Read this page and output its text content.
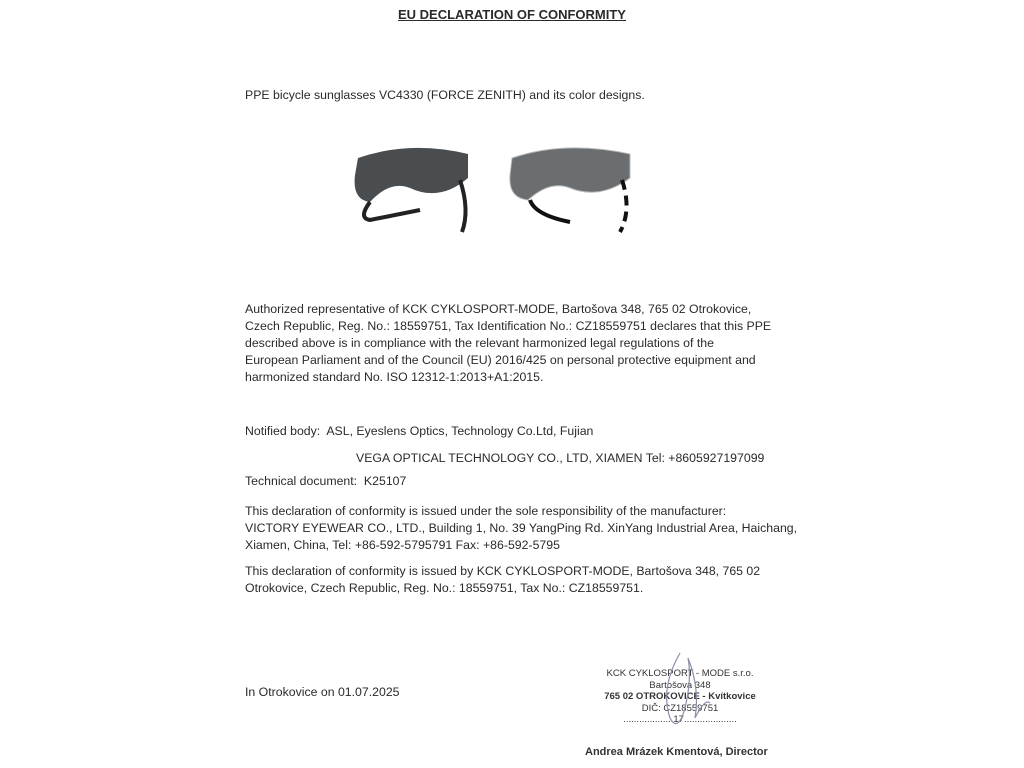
EU DECLARATION OF CONFORMITY
PPE bicycle sunglasses VC4330 (FORCE ZENITH) and its color designs.
Authorized representative of KCK CYKLOSPORT-MODE, Bartošova 348, 765 02 Otrokovice,
Czech Republic, Reg. No.: 18559751, Tax Identification No.: CZ18559751 declares that this PPE
described above is in compliance with the relevant harmonized legal regulations of the
European Parliament and of the Council (EU) 2016/425 on personal protective equipment and
harmonized standard No. ISO 12312-1:2013+A1:2015.
Notified body:  ASL, Eyeslens Optics, Technology Co.Ltd, Fujian
VEGA OPTICAL TECHNOLOGY CO., LTD, XIAMEN Tel: +8605927197099
Technical document:  K25107
This declaration of conformity is issued under the sole responsibility of the manufacturer:
VICTORY EYEWEAR CO., LTD., Building 1, No. 39 YangPing Rd. XinYang Industrial Area, Haichang,
Xiamen, China, Tel: +86-592-5795791 Fax: +86-592-5795
This declaration of conformity is issued by KCK CYKLOSPORT-MODE, Bartošova 348, 765 02
Otrokovice, Czech Republic, Reg. No.: 18559751, Tax No.: CZ18559751.
In Otrokovice on 01.07.2025
KCK CYKLOSPORT - MODE s.r.o.
Bartošova 348
765 02 OTROKOVICE - Kvítkovice
DIČ: CZ18559751
...................17....................
Andrea Mrázek Kmentová, Director
